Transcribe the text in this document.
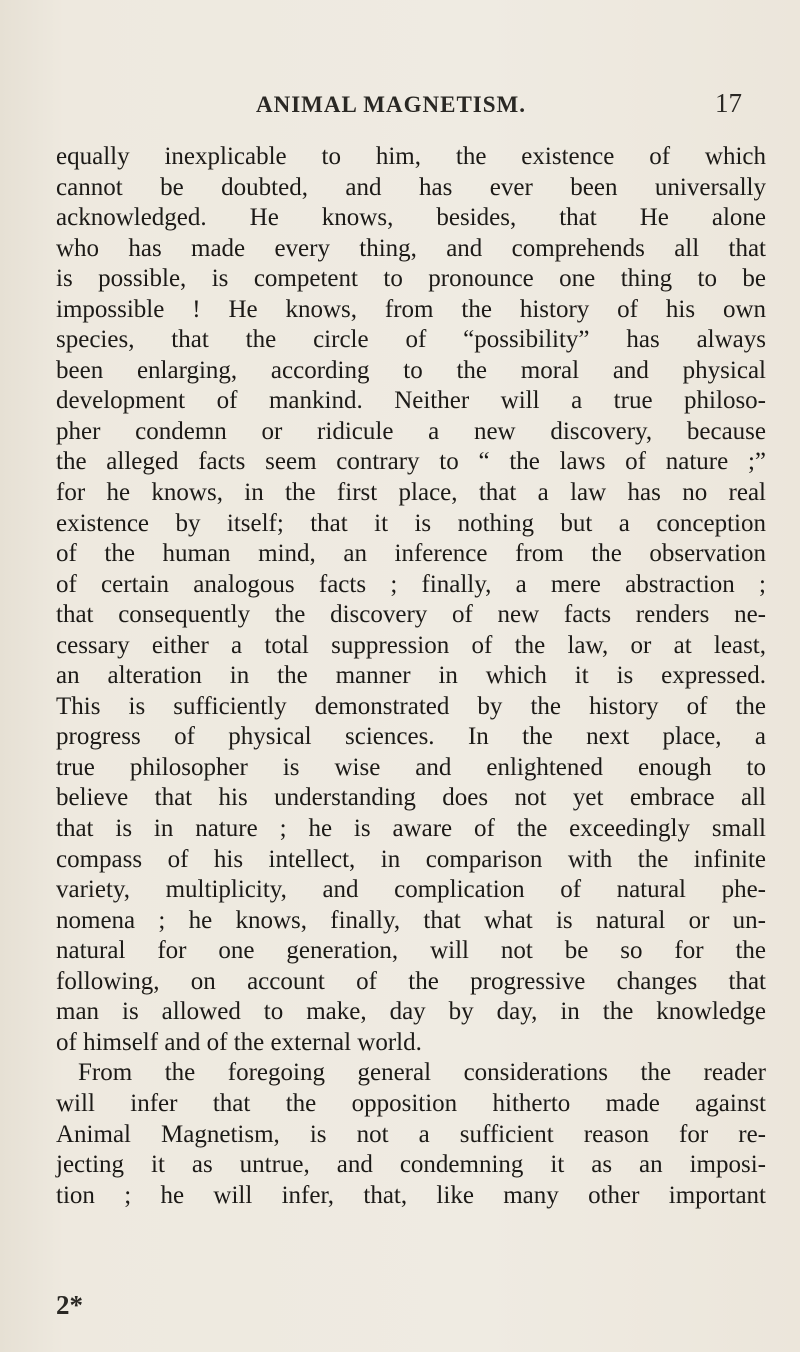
ANIMAL MAGNETISM.	17
equally inexplicable to him, the existence of which
cannot be doubted, and has ever been universally
acknowledged. He knows, besides, that He alone
who has made every thing, and comprehends all that
is possible, is competent to pronounce one thing to be
impossible ! He knows, from the history of his own
species, that the circle of “possibility” has always
been enlarging, according to the moral and physical
development of mankind. Neither will a true philoso-
pher condemn or ridicule a new discovery, because
the alleged facts seem contrary to “ the laws of nature ;”
for he knows, in the first place, that a law has no real
existence by itself; that it is nothing but a conception
of the human mind, an inference from the observation
of certain analogous facts ; finally, a mere abstraction ;
that consequently the discovery of new facts renders ne-
cessary either a total suppression of the law, or at least,
an alteration in the manner in which it is expressed.
This is sufficiently demonstrated by the history of the
progress of physical sciences. In the next place, a
true philosopher is wise and enlightened enough to
believe that his understanding does not yet embrace all
that is in nature ; he is aware of the exceedingly small
compass of his intellect, in comparison with the infinite
variety, multiplicity, and complication of natural phe-
nomena ; he knows, finally, that what is natural or un-
natural for one generation, will not be so for the
following, on account of the progressive changes that
man is allowed to make, day by day, in the knowledge
of himself and of the external world.
From the foregoing general considerations the reader
will infer that the opposition hitherto made against
Animal Magnetism, is not a sufficient reason for re-
jecting it as untrue, and condemning it as an imposi-
tion ; he will infer, that, like many other important
2*
